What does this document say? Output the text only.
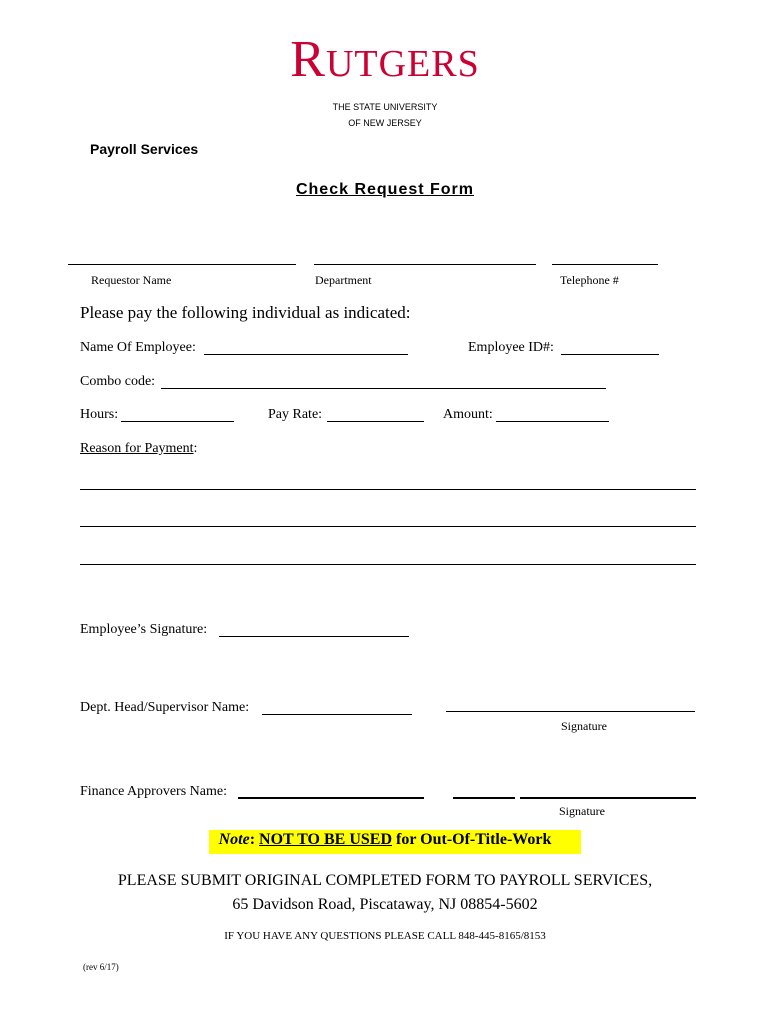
RUTGERS
THE STATE UNIVERSITY
OF NEW JERSEY
Payroll Services
Check Request Form
Requestor Name	Department	Telephone #
Please pay the following individual as indicated:
Name Of Employee:	Employee ID#:
Combo code:
Hours:	Pay Rate:	Amount:
Reason for Payment:
Employee’s Signature:
Dept. Head/Supervisor Name:
Signature
Finance Approvers Name:
Signature
Note: NOT TO BE USED for Out-Of-Title-Work
PLEASE SUBMIT ORIGINAL COMPLETED FORM TO PAYROLL SERVICES,
65 Davidson Road, Piscataway, NJ 08854-5602
IF YOU HAVE ANY QUESTIONS PLEASE CALL 848-445-8165/8153
(rev 6/17)
